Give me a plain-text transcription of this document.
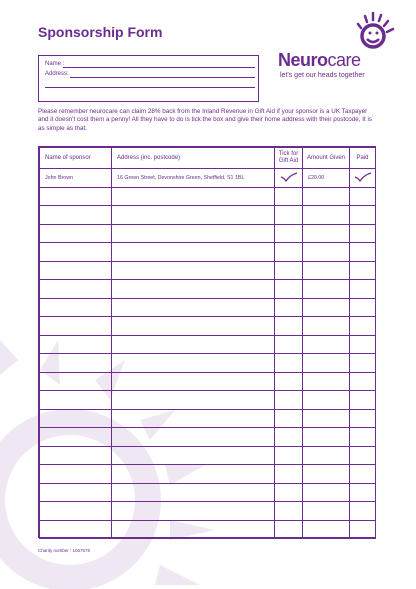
Sponsorship Form
Name :
Address:
Neurocare
let's get our heads together
Please remember neurocare can claim 28% back from the Inland Revenue in Gift Aid if your sponsor is a UK Taxpayer and it doesn't cost them a penny! All they have to do is tick the box and give their home address with their postcode, It is as simple as that.
Name of sponsor	Address (inc. postcode)	Tick for Gift Aid	Amount Given	Paid
John Brown	16 Green Street, Devonshire Green, Sheffield, S1 1BL		£20.00	

Charity number : 1067575
